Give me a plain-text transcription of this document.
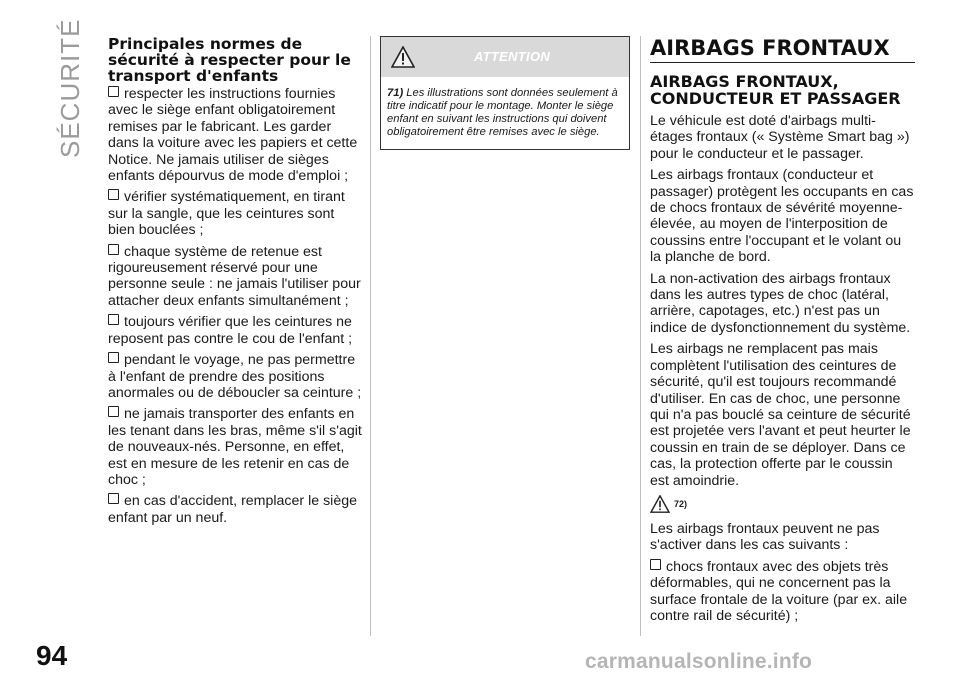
SÉCURITÉ
94
Principales normes de sécurité à respecter pour le transport d'enfants

respecter les instructions fournies avec le siège enfant obligatoirement remises par le fabricant. Les garder dans la voiture avec les papiers et cette Notice. Ne jamais utiliser de sièges enfants dépourvus de mode d'emploi ;

vérifier systématiquement, en tirant sur la sangle, que les ceintures sont bien bouclées ;

chaque système de retenue est rigoureusement réservé pour une personne seule : ne jamais l'utiliser pour attacher deux enfants simultanément ;

toujours vérifier que les ceintures ne reposent pas contre le cou de l'enfant ;

pendant le voyage, ne pas permettre à l'enfant de prendre des positions anormales ou de déboucler sa ceinture ;

ne jamais transporter des enfants en les tenant dans les bras, même s'il s'agit de nouveaux-nés. Personne, en effet, est en mesure de les retenir en cas de choc ;

en cas d'accident, remplacer le siège enfant par un neuf.

ATTENTION
71) Les illustrations sont données seulement à titre indicatif pour le montage. Monter le siège enfant en suivant les instructions qui doivent obligatoirement être remises avec le siège.
AIRBAGS FRONTAUX
AIRBAGS FRONTAUX, CONDUCTEUR ET PASSAGER

Le véhicule est doté d'airbags multi-étages frontaux (« Système Smart bag ») pour le conducteur et le passager.

Les airbags frontaux (conducteur et passager) protègent les occupants en cas de chocs frontaux de sévérité moyenne-élevée, au moyen de l'interposition de coussins entre l'occupant et le volant ou la planche de bord.

La non-activation des airbags frontaux dans les autres types de choc (latéral, arrière, capotages, etc.) n'est pas un indice de dysfonctionnement du système.

Les airbags ne remplacent pas mais complètent l'utilisation des ceintures de sécurité, qu'il est toujours recommandé d'utiliser. En cas de choc, une personne qui n'a pas bouclé sa ceinture de sécurité est projetée vers l'avant et peut heurter le coussin en train de se déployer. Dans ce cas, la protection offerte par le coussin est amoindrie.

72)

Les airbags frontaux peuvent ne pas s'activer dans les cas suivants :

chocs frontaux avec des objets très déformables, qui ne concernent pas la surface frontale de la voiture (par ex. aile contre rail de sécurité) ;

carmanualsonline.info
